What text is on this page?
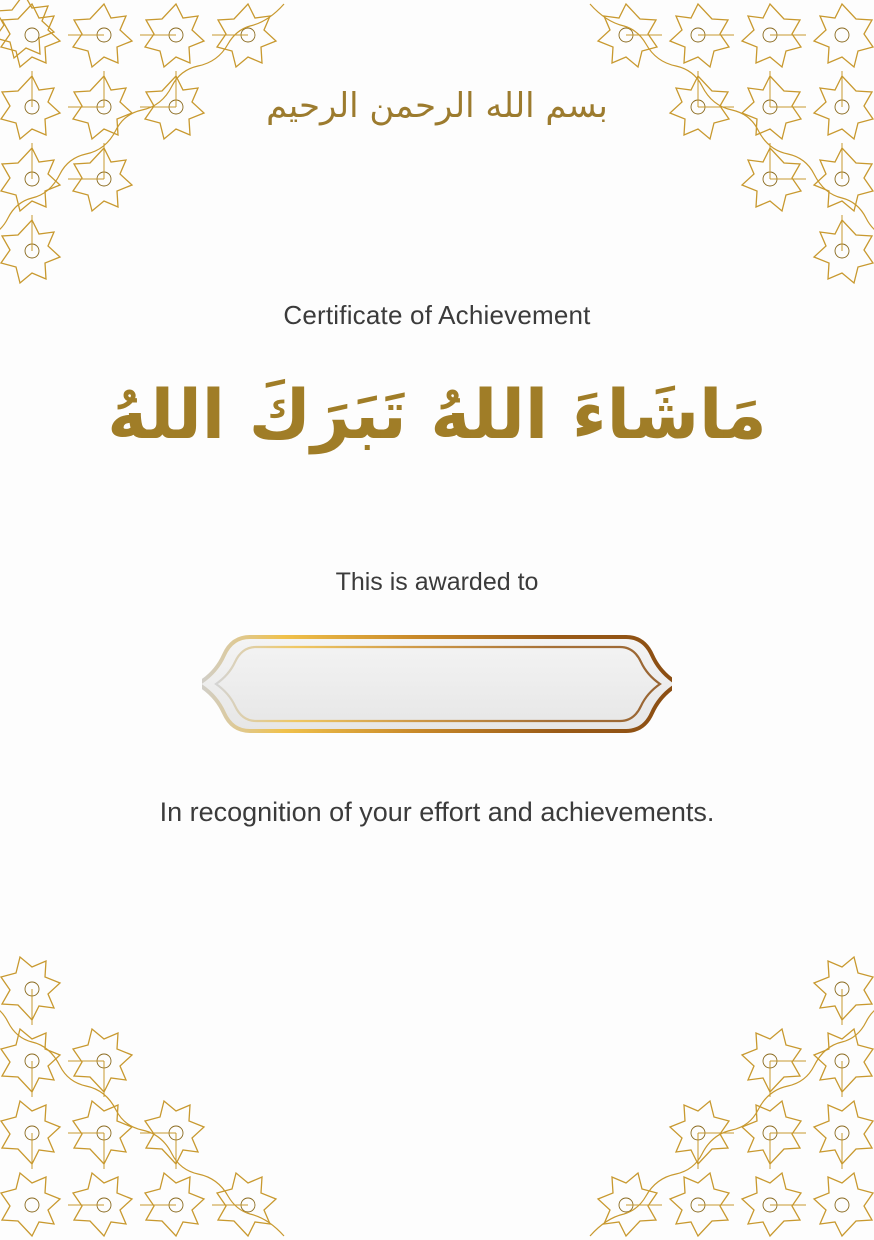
بسم الله الرحمن الرحيم
Certificate of Achievement
مَاشَاءَ اللهُ تَبَرَكَ اللهُ
This is awarded to
In recognition of your effort and achievements.
